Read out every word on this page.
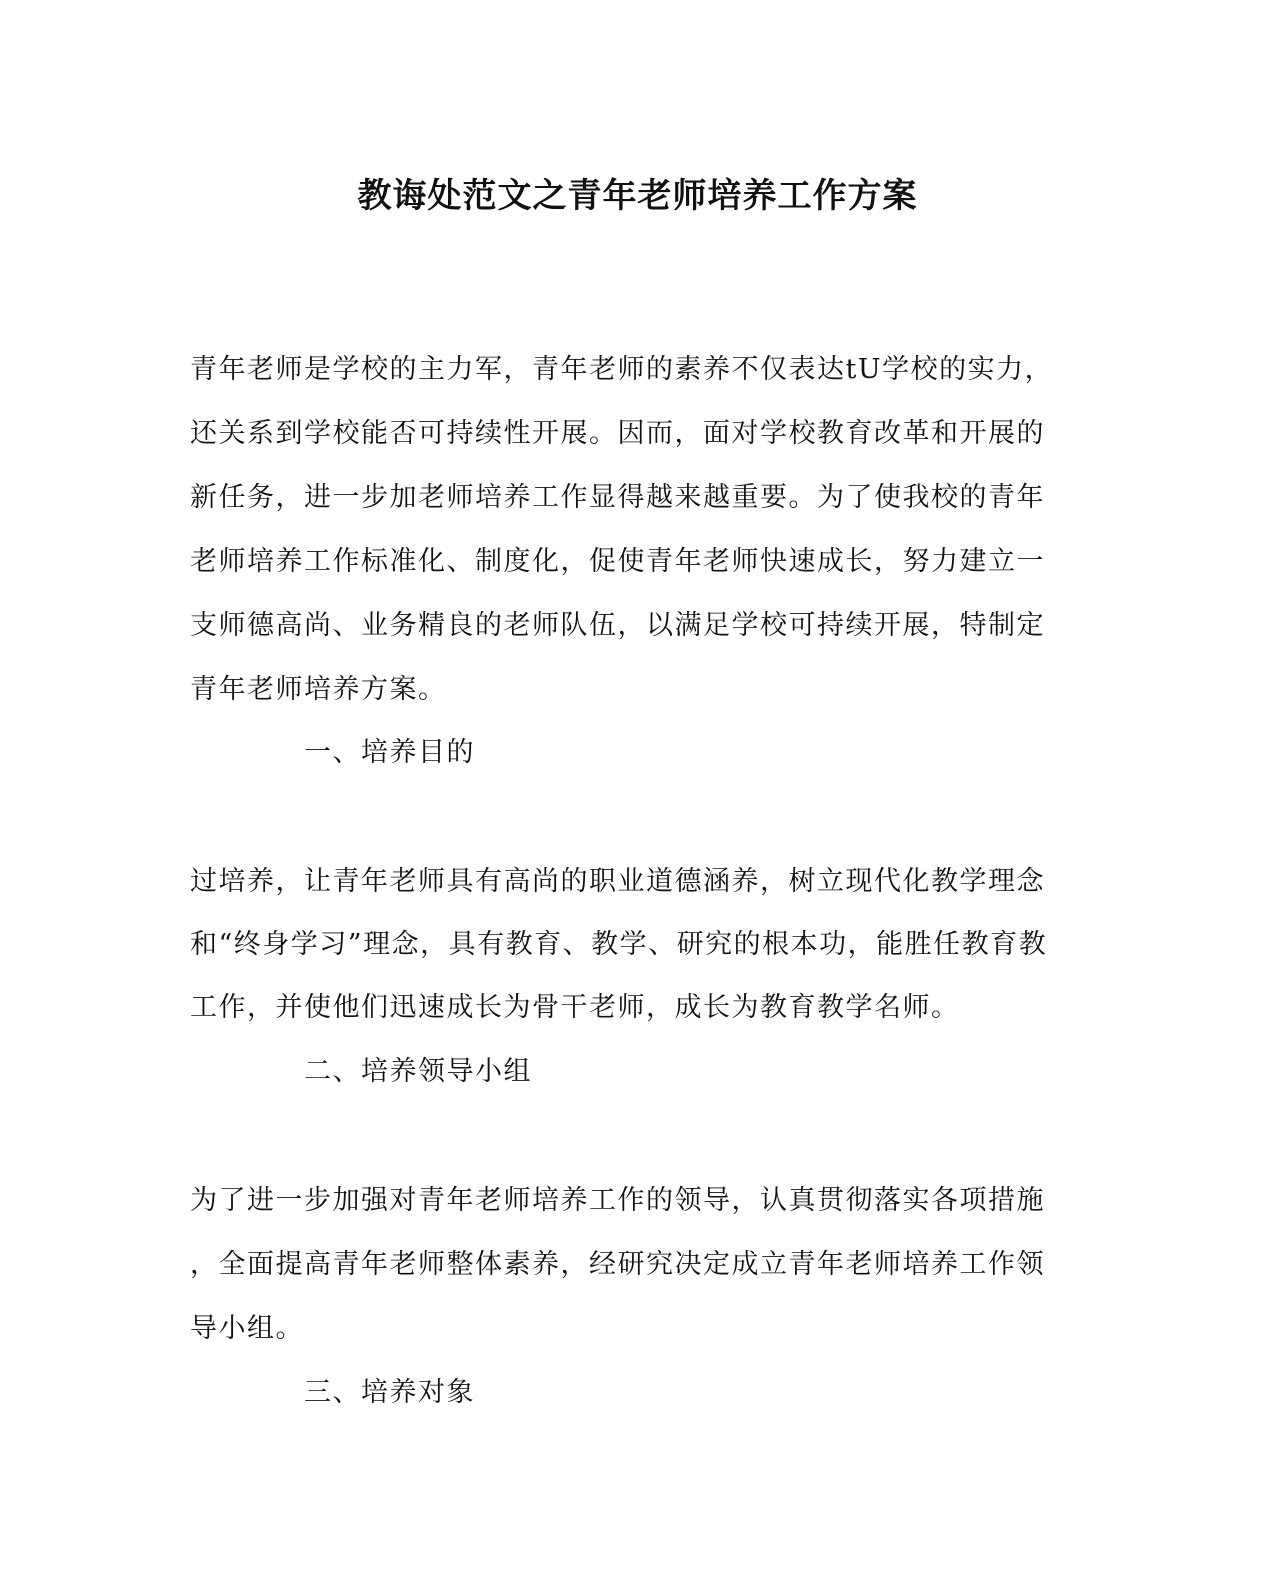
教诲处范文之青年老师培养工作方案
青年老师是学校的主力军，青年老师的素养不仅表达tU学校的实力，
还关系到学校能否可持续性开展。因而，面对学校教育改革和开展的
新任务，进一步加老师培养工作显得越来越重要。为了使我校的青年
老师培养工作标准化、制度化，促使青年老师快速成长，努力建立一
支师德高尚、业务精良的老师队伍，以满足学校可持续开展，特制定
青年老师培养方案。
一、培养目的
过培养，让青年老师具有高尚的职业道德涵养，树立现代化教学理念
和“终身学习”理念，具有教育、教学、研究的根本功，能胜任教育教
工作，并使他们迅速成长为骨干老师，成长为教育教学名师。
二、培养领导小组
为了进一步加强对青年老师培养工作的领导，认真贯彻落实各项措施
，全面提高青年老师整体素养，经研究决定成立青年老师培养工作领
导小组。
三、培养对象
